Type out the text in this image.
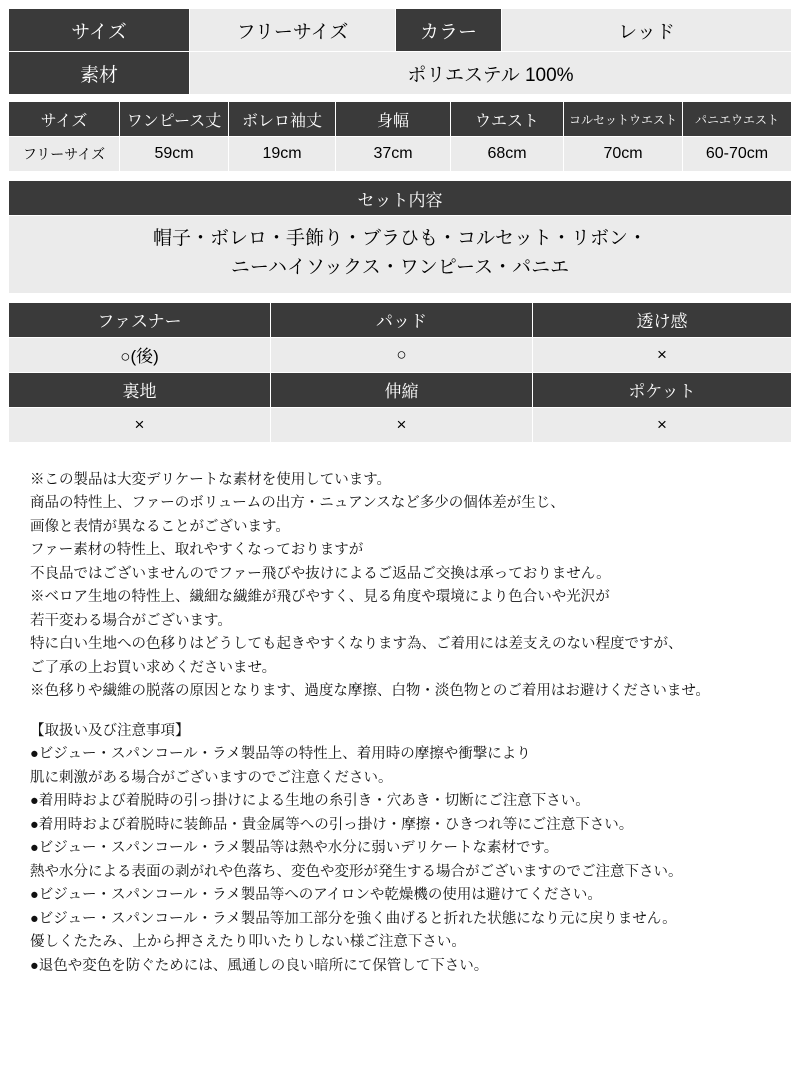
サイズ	フリーサイズ	カラー	レッド
素材	ポリエステル 100%		
サイズ	ワンピース丈	ボレロ袖丈	身幅	ウエスト	コルセットウエスト	パニエウエスト
フリーサイズ	59cm	19cm	37cm	68cm	70cm	60-70cm
セット内容

帽子・ボレロ・手飾り・ブラひも・コルセット・リボン・
ニーハイソックス・ワンピース・パニエ
ファスナー	パッド	透け感
○(後)	○	×
裏地	伸縮	ポケット
×	×	×

※この製品は大変デリケートな素材を使用しています。

商品の特性上、ファーのボリュームの出方・ニュアンスなど多少の個体差が生じ、

画像と表情が異なることがございます。

ファー素材の特性上、取れやすくなっておりますが

不良品ではございませんのでファー飛びや抜けによるご返品ご交換は承っておりません。

※ベロア生地の特性上、繊細な繊維が飛びやすく、見る角度や環境により色合いや光沢が

若干変わる場合がございます。

特に白い生地への色移りはどうしても起きやすくなります為、ご着用には差支えのない程度ですが、

ご了承の上お買い求めくださいませ。

※色移りや繊維の脱落の原因となります、過度な摩擦、白物・淡色物とのご着用はお避けくださいませ。

【取扱い及び注意事項】

●ビジュー・スパンコール・ラメ製品等の特性上、着用時の摩擦や衝撃により

肌に刺激がある場合がございますのでご注意ください。

●着用時および着脱時の引っ掛けによる生地の糸引き・穴あき・切断にご注意下さい。

●着用時および着脱時に装飾品・貴金属等への引っ掛け・摩擦・ひきつれ等にご注意下さい。

●ビジュー・スパンコール・ラメ製品等は熱や水分に弱いデリケートな素材です。

熱や水分による表面の剥がれや色落ち、変色や変形が発生する場合がございますのでご注意下さい。

●ビジュー・スパンコール・ラメ製品等へのアイロンや乾燥機の使用は避けてください。

●ビジュー・スパンコール・ラメ製品等加工部分を強く曲げると折れた状態になり元に戻りません。

優しくたたみ、上から押さえたり叩いたりしない様ご注意下さい。

●退色や変色を防ぐためには、風通しの良い暗所にて保管して下さい。
